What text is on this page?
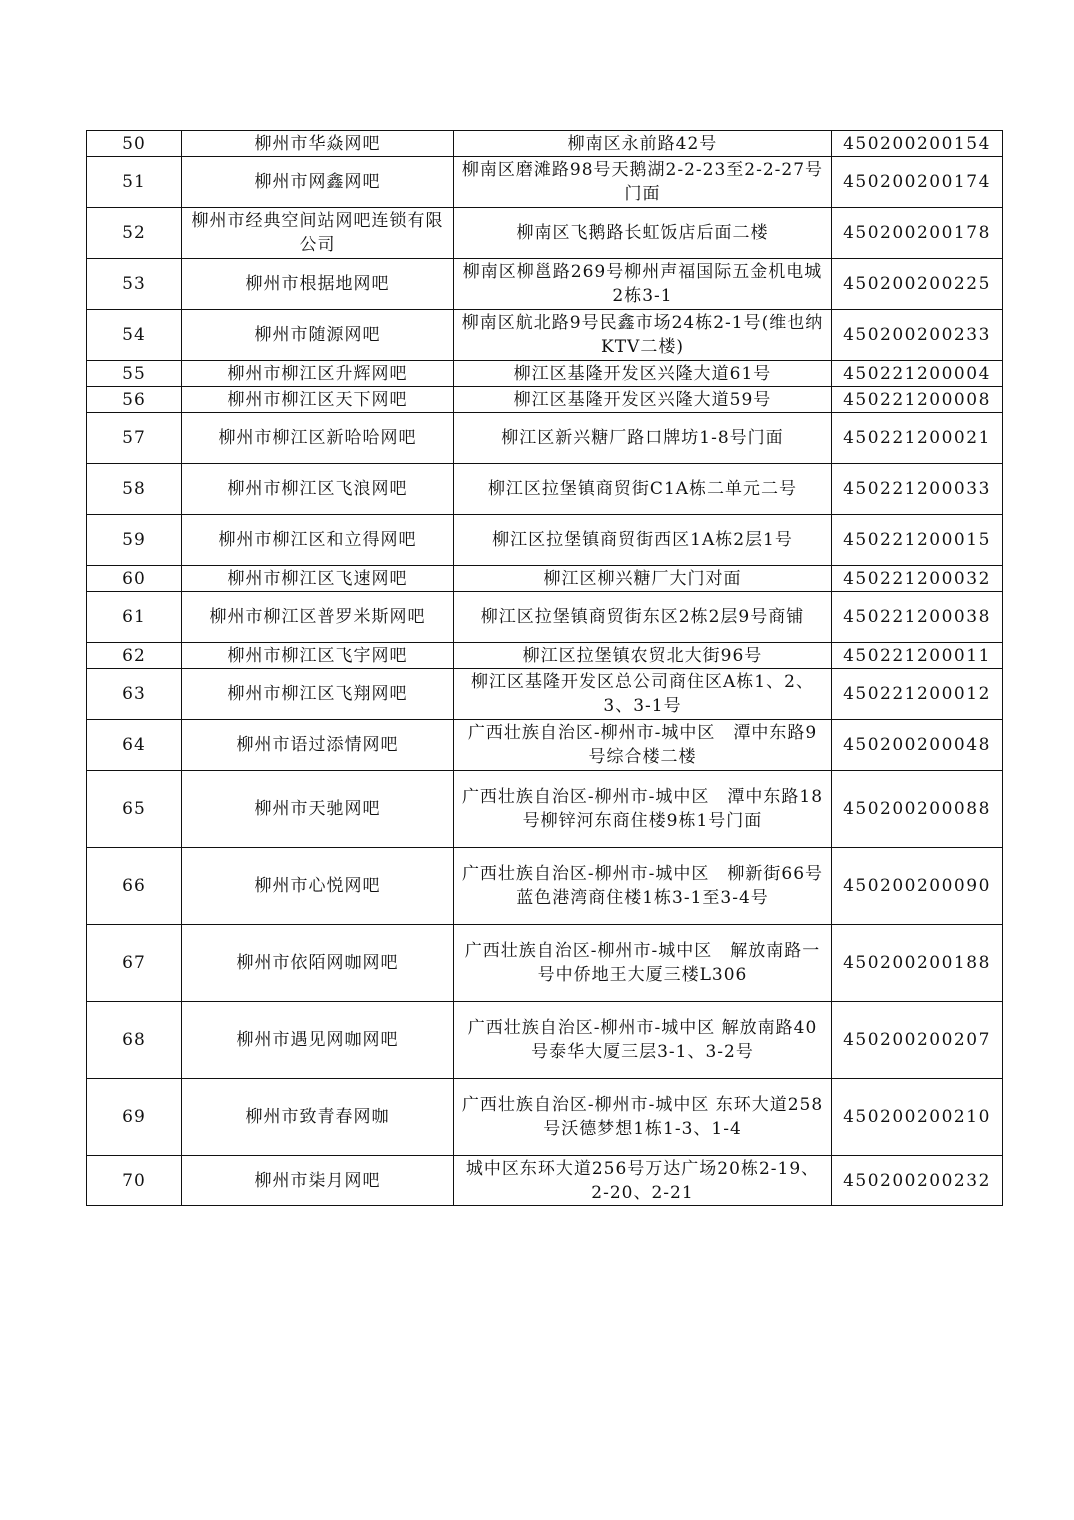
50	柳州市华焱网吧	柳南区永前路42号	450200200154
51	柳州市网鑫网吧	柳南区磨滩路98号天鹅湖2-2-23至2-2-27号门面	450200200174
52	柳州市经典空间站网吧连锁有限公司	柳南区飞鹅路长虹饭店后面二楼	450200200178
53	柳州市根据地网吧	柳南区柳邕路269号柳州声福国际五金机电城2栋3-1	450200200225
54	柳州市随源网吧	柳南区航北路9号民鑫市场24栋2-1号(维也纳KTV二楼)	450200200233
55	柳州市柳江区升辉网吧	柳江区基隆开发区兴隆大道61号	450221200004
56	柳州市柳江区天下网吧	柳江区基隆开发区兴隆大道59号	450221200008
57	柳州市柳江区新哈哈网吧	柳江区新兴糖厂路口牌坊1-8号门面	450221200021
58	柳州市柳江区飞浪网吧	柳江区拉堡镇商贸街C1A栋二单元二号	450221200033
59	柳州市柳江区和立得网吧	柳江区拉堡镇商贸街西区1A栋2层1号	450221200015
60	柳州市柳江区飞速网吧	柳江区柳兴糖厂大门对面	450221200032
61	柳州市柳江区普罗米斯网吧	柳江区拉堡镇商贸街东区2栋2层9号商铺	450221200038
62	柳州市柳江区飞宇网吧	柳江区拉堡镇农贸北大街96号	450221200011
63	柳州市柳江区飞翔网吧	柳江区基隆开发区总公司商住区A栋1、2、3、3-1号	450221200012
64	柳州市语过添情网吧	广西壮族自治区-柳州市-城中区　潭中东路9号综合楼二楼	450200200048
65	柳州市天驰网吧	广西壮族自治区-柳州市-城中区　潭中东路18号柳锌河东商住楼9栋1号门面	450200200088
66	柳州市心悦网吧	广西壮族自治区-柳州市-城中区　柳新街66号蓝色港湾商住楼1栋3-1至3-4号	450200200090
67	柳州市依陌网咖网吧	广西壮族自治区-柳州市-城中区　解放南路一号中侨地王大厦三楼L306	450200200188
68	柳州市遇见网咖网吧	广西壮族自治区-柳州市-城中区 解放南路40号泰华大厦三层3-1、3-2号	450200200207
69	柳州市致青春网咖	广西壮族自治区-柳州市-城中区 东环大道258号沃德梦想1栋1-3、1-4	450200200210
70	柳州市柒月网吧	城中区东环大道256号万达广场20栋2-19、2-20、2-21	450200200232
